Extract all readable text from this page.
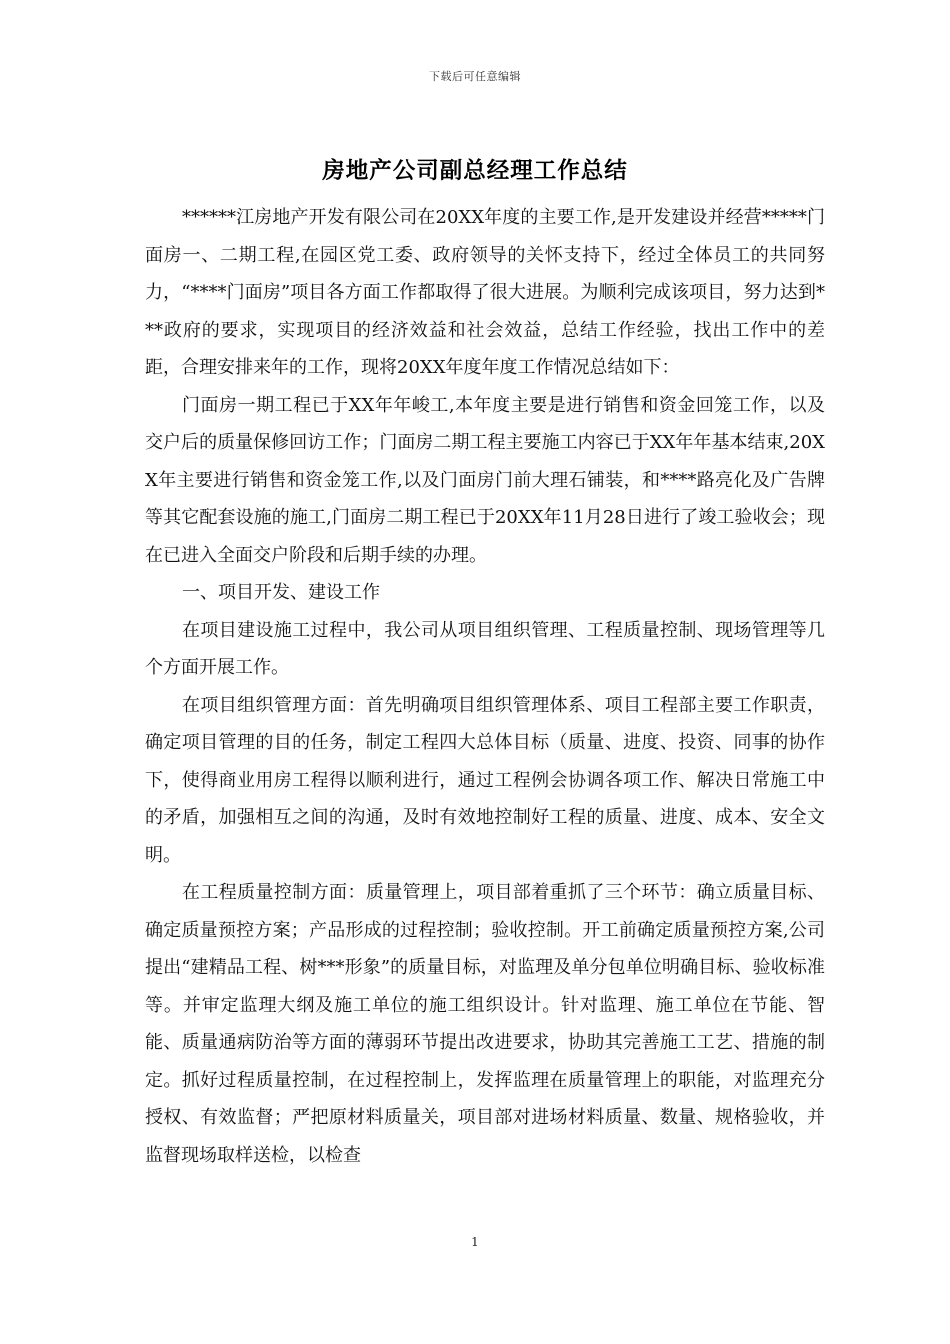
下载后可任意编辑
房地产公司副总经理工作总结

******江房地产开发有限公司在20XX年度的主要工作,是开发建设并经营*****门面房一、二期工程,在园区党工委、政府领导的关怀支持下，经过全体员工的共同努力，“****门面房”项目各方面工作都取得了很大进展。为顺利完成该项目，努力达到***政府的要求，实现项目的经济效益和社会效益，总结工作经验，找出工作中的差距，合理安排来年的工作，现将20XX年度年度工作情况总结如下：

门面房一期工程已于XX年年峻工,本年度主要是进行销售和资金回笼工作，以及交户后的质量保修回访工作；门面房二期工程主要施工内容已于XX年年基本结束,20XX年主要进行销售和资金笼工作,以及门面房门前大理石铺装，和****路亮化及广告牌等其它配套设施的施工,门面房二期工程已于20XX年11月28日进行了竣工验收会；现在已进入全面交户阶段和后期手续的办理。

一、项目开发、建设工作

在项目建设施工过程中，我公司从项目组织管理、工程质量控制、现场管理等几个方面开展工作。

在项目组织管理方面：首先明确项目组织管理体系、项目工程部主要工作职责，确定项目管理的目的任务，制定工程四大总体目标（质量、进度、投资、同事的协作下，使得商业用房工程得以顺利进行，通过工程例会协调各项工作、解决日常施工中的矛盾，加强相互之间的沟通，及时有效地控制好工程的质量、进度、成本、安全文明。

在工程质量控制方面：质量管理上，项目部着重抓了三个环节：确立质量目标、确定质量预控方案；产品形成的过程控制；验收控制。开工前确定质量预控方案,公司提出“建精品工程、树***形象”的质量目标，对监理及单分包单位明确目标、验收标准等。并审定监理大纲及施工单位的施工组织设计。针对监理、施工单位在节能、智能、质量通病防治等方面的薄弱环节提出改进要求，协助其完善施工工艺、措施的制定。抓好过程质量控制，在过程控制上，发挥监理在质量管理上的职能，对监理充分授权、有效监督；严把原材料质量关，项目部对进场材料质量、数量、规格验收，并监督现场取样送检，以检查

1
